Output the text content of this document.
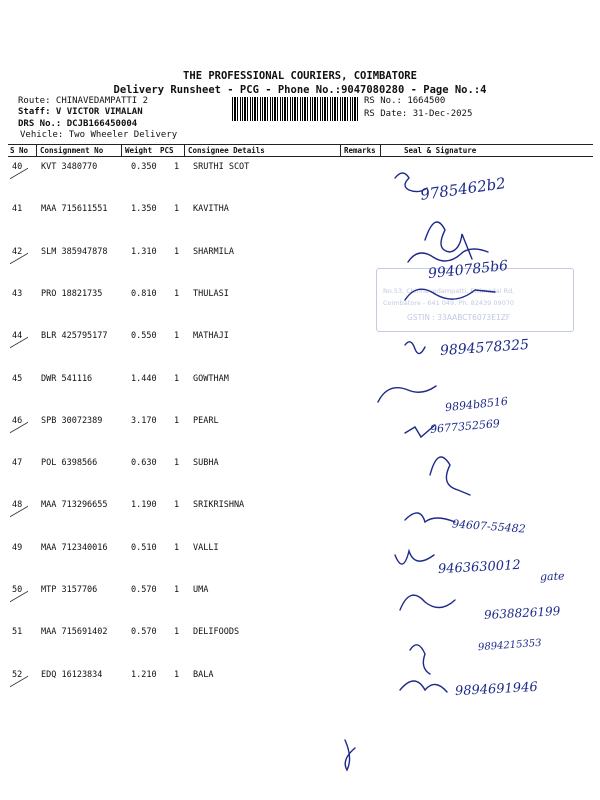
THE PROFESSIONAL COURIERS, COIMBATORE
Delivery Runsheet - PCG - Phone No.:9047080280 - Page No.:4
Route: CHINAVEDAMPATTI 2
Staff: V VICTOR VIMALAN
DRS No.: DCJB166450004
Vehicle: Two Wheeler Delivery
RS No.: 1664500
RS Date: 31-Dec-2025
S No Consignment No	Weight PCS Consignee Details	Remarks	Seal & Signature
40 KVT 3480770	0.350 1 SRUTHI SCOT
41 MAA 715611551	1.350 1 KAVITHA
42 SLM 385947878	1.310 1 SHARMILA
43 PRO 18821735	0.810 1 THULASI
44 BLR 425795177	0.550 1 MATHAJI
45 DWR 541116	1.440 1 GOWTHAM
46 SPB 30072389	3.170 1 PEARL
47 POL 6398566	0.630 1 SUBHA
48 MAA 713296655	1.190 1 SRIKRISHNA
49 MAA 712340016	0.510 1 VALLI
50 MTP 3157706	0.570 1 UMA
51 MAA 715691402	0.570 1 DELIFOODS
52 EDQ 16123834	1.210 1 BALA
No.53, Chinnavedampatti, Ettimadai Rd,
Coimbatore - 641 049. Ph: 82439 09070
GSTIN : 33AABCT6073E1ZF
9785462b2
9940785b6
9894578325
9894b8516
9677352569
94607-55482
9463630012 gate
9638826199
9894215353
9894691946
